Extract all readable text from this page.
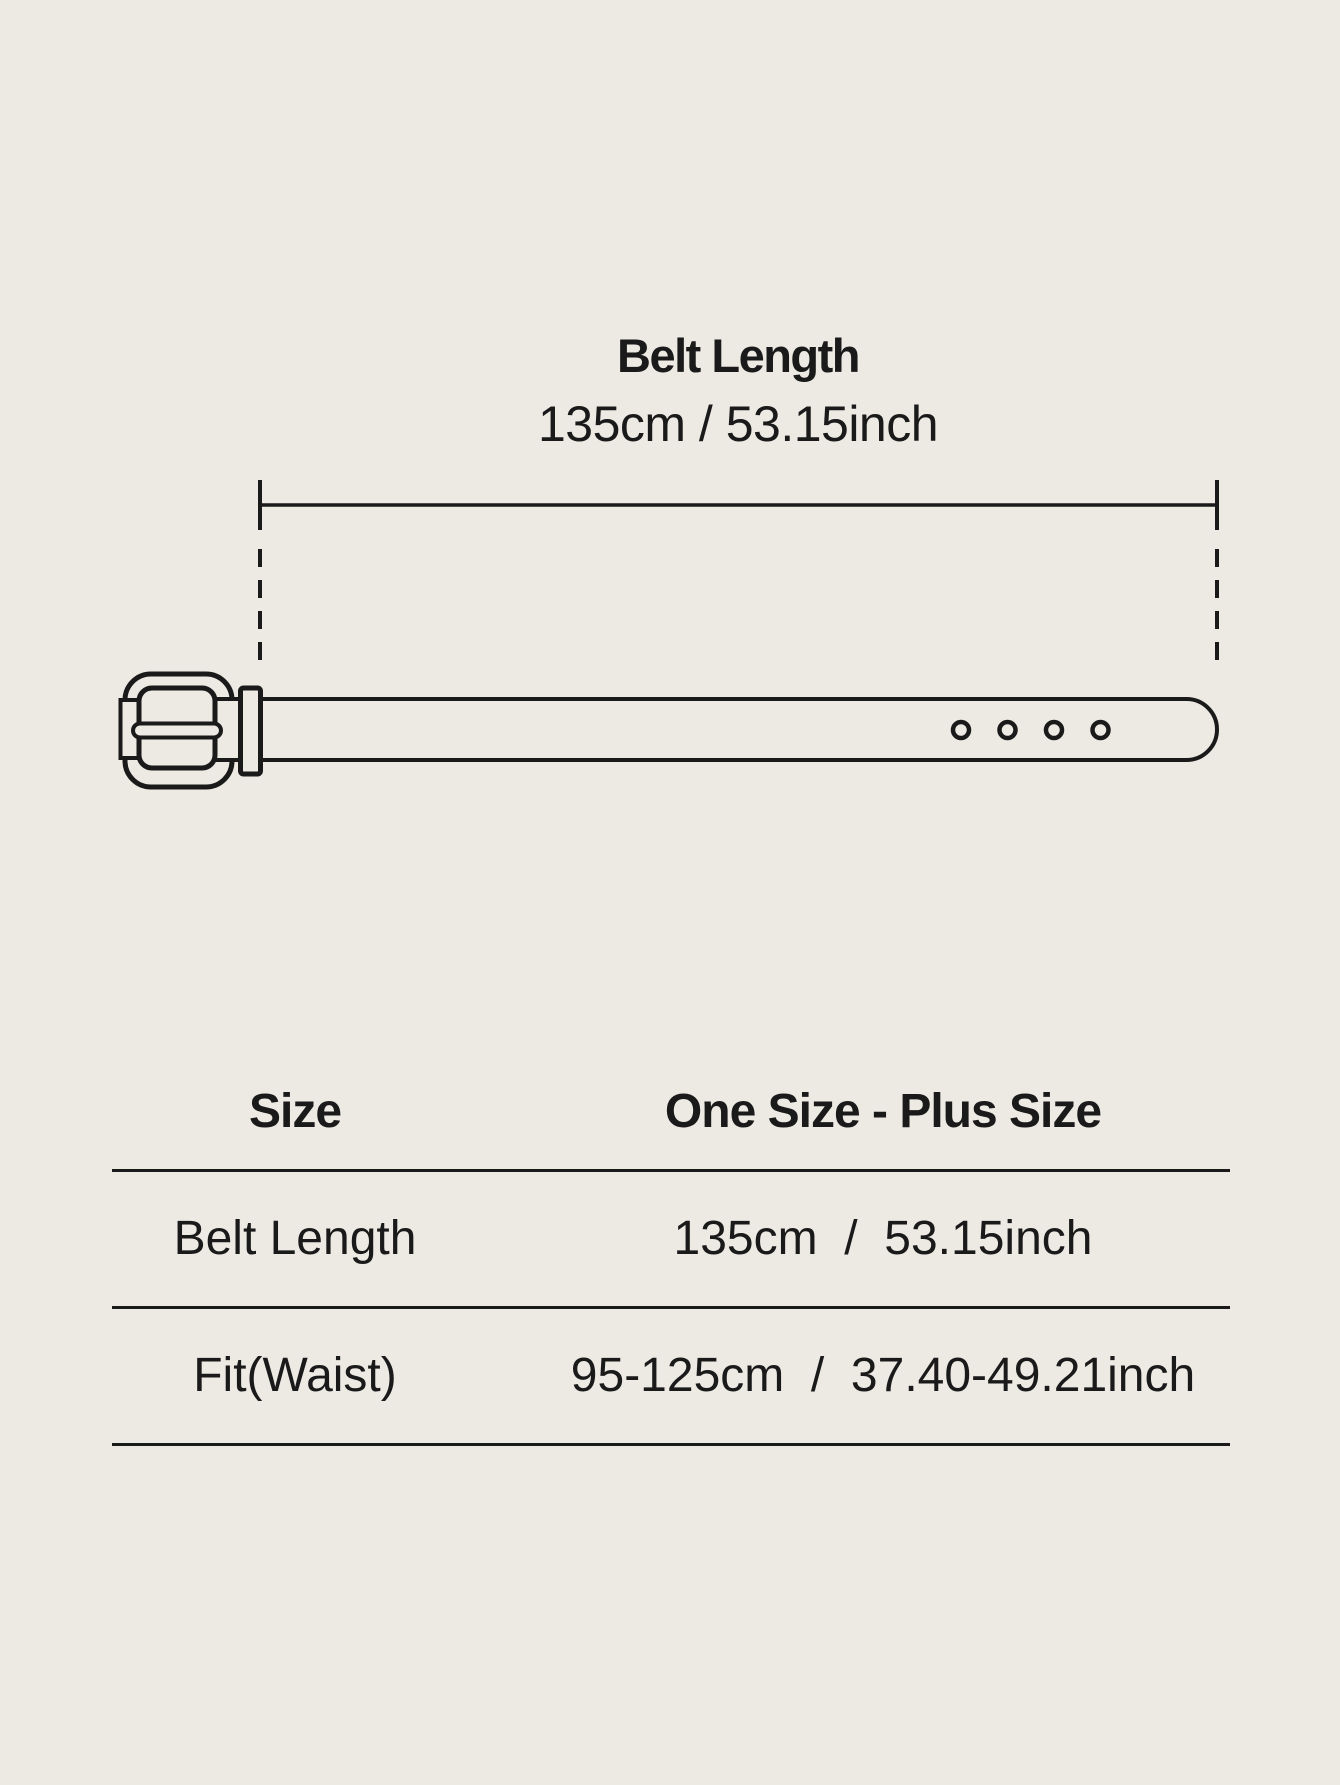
Belt Length
135cm / 53.15inch
Size	One Size - Plus Size
Belt Length	135cm  /  53.15inch
Fit(Waist)	95-125cm  /  37.40-49.21inch
